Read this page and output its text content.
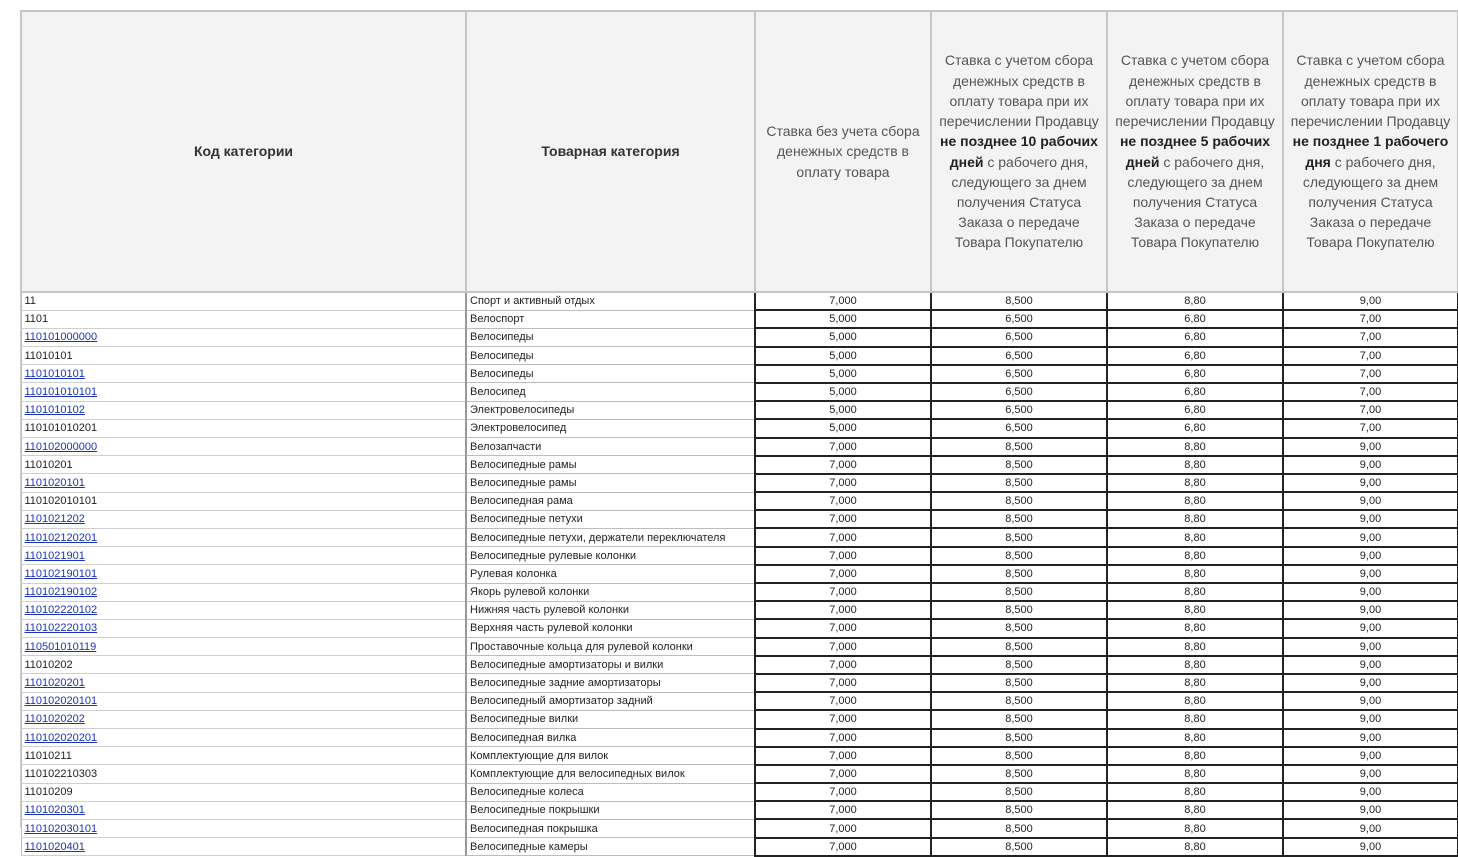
Код категории	Товарная категория	Ставка без учета сбора денежных средств в оплату товара	Ставка с учетом сбора денежных средств в оплату товара при их перечислении Продавцу не позднее 10 рабочих дней с рабочего дня, следующего за днем получения Статуса Заказа о передаче Товара Покупателю	Ставка с учетом сбора денежных средств в оплату товара при их перечислении Продавцу не позднее 5 рабочих дней с рабочего дня, следующего за днем получения Статуса Заказа о передаче Товара Покупателю	Ставка с учетом сбора денежных средств в оплату товара при их перечислении Продавцу не позднее 1 рабочего дня с рабочего дня, следующего за днем получения Статуса Заказа о передаче Товара Покупателю
11	Спорт и активный отдых	7,000	8,500	8,80	9,00
1101	Велоспорт	5,000	6,500	6,80	7,00
110101000000	Велосипеды	5,000	6,500	6,80	7,00
11010101	Велосипеды	5,000	6,500	6,80	7,00
1101010101	Велосипеды	5,000	6,500	6,80	7,00
110101010101	Велосипед	5,000	6,500	6,80	7,00
1101010102	Электровелосипеды	5,000	6,500	6,80	7,00
110101010201	Электровелосипед	5,000	6,500	6,80	7,00
110102000000	Велозапчасти	7,000	8,500	8,80	9,00
11010201	Велосипедные рамы	7,000	8,500	8,80	9,00
1101020101	Велосипедные рамы	7,000	8,500	8,80	9,00
110102010101	Велосипедная рама	7,000	8,500	8,80	9,00
1101021202	Велосипедные петухи	7,000	8,500	8,80	9,00
110102120201	Велосипедные петухи, держатели переключателя	7,000	8,500	8,80	9,00
1101021901	Велосипедные рулевые колонки	7,000	8,500	8,80	9,00
110102190101	Рулевая колонка	7,000	8,500	8,80	9,00
110102190102	Якорь рулевой колонки	7,000	8,500	8,80	9,00
110102220102	Нижняя часть рулевой колонки	7,000	8,500	8,80	9,00
110102220103	Верхняя часть рулевой колонки	7,000	8,500	8,80	9,00
110501010119	Проставочные кольца для рулевой колонки	7,000	8,500	8,80	9,00
11010202	Велосипедные амортизаторы и вилки	7,000	8,500	8,80	9,00
1101020201	Велосипедные задние амортизаторы	7,000	8,500	8,80	9,00
110102020101	Велосипедный амортизатор задний	7,000	8,500	8,80	9,00
1101020202	Велосипедные вилки	7,000	8,500	8,80	9,00
110102020201	Велосипедная вилка	7,000	8,500	8,80	9,00
11010211	Комплектующие для вилок	7,000	8,500	8,80	9,00
110102210303	Комплектующие для велосипедных вилок	7,000	8,500	8,80	9,00
11010209	Велосипедные колеса	7,000	8,500	8,80	9,00
1101020301	Велосипедные покрышки	7,000	8,500	8,80	9,00
110102030101	Велосипедная покрышка	7,000	8,500	8,80	9,00
1101020401	Велосипедные камеры	7,000	8,500	8,80	9,00
